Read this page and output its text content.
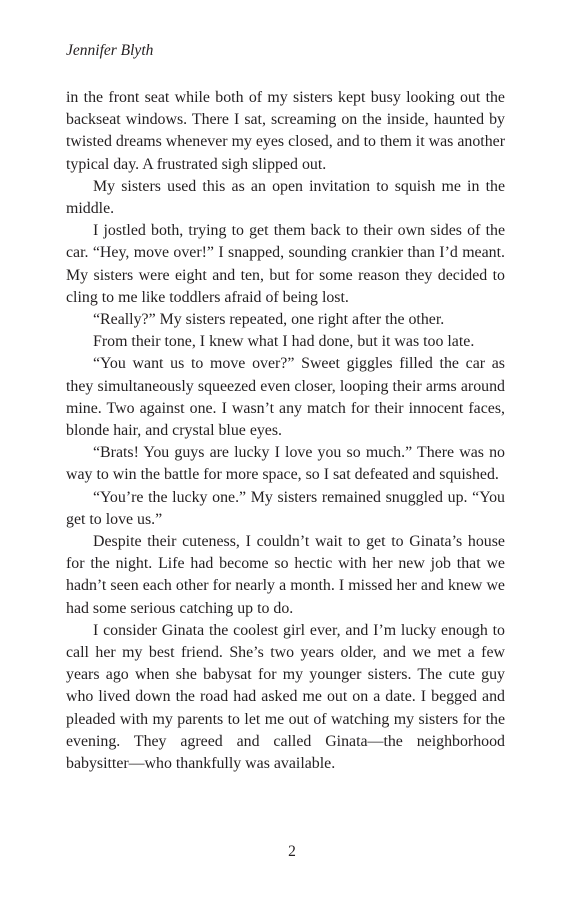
Jennifer Blyth

in the front seat while both of my sisters kept busy looking out the backseat windows. There I sat, screaming on the inside, haunted by twisted dreams whenever my eyes closed, and to them it was another typical day. A frustrated sigh slipped out.

My sisters used this as an open invitation to squish me in the middle.

I jostled both, trying to get them back to their own sides of the car. “Hey, move over!” I snapped, sounding crankier than I’d meant. My sisters were eight and ten, but for some reason they decided to cling to me like toddlers afraid of being lost.

“Really?” My sisters repeated, one right after the other.

From their tone, I knew what I had done, but it was too late.

“You want us to move over?” Sweet giggles filled the car as they simultaneously squeezed even closer, looping their arms around mine. Two against one. I wasn’t any match for their innocent faces, blonde hair, and crystal blue eyes.

“Brats! You guys are lucky I love you so much.” There was no way to win the battle for more space, so I sat defeated and squished.

“You’re the lucky one.” My sisters remained snuggled up. “You get to love us.”

Despite their cuteness, I couldn’t wait to get to Ginata’s house for the night. Life had become so hectic with her new job that we hadn’t seen each other for nearly a month. I missed her and knew we had some serious catching up to do.

I consider Ginata the coolest girl ever, and I’m lucky enough to call her my best friend. She’s two years older, and we met a few years ago when she babysat for my younger sisters. The cute guy who lived down the road had asked me out on a date. I begged and pleaded with my parents to let me out of watching my sisters for the evening. They agreed and called Ginata—the neighborhood babysitter—who thankfully was available.

2
